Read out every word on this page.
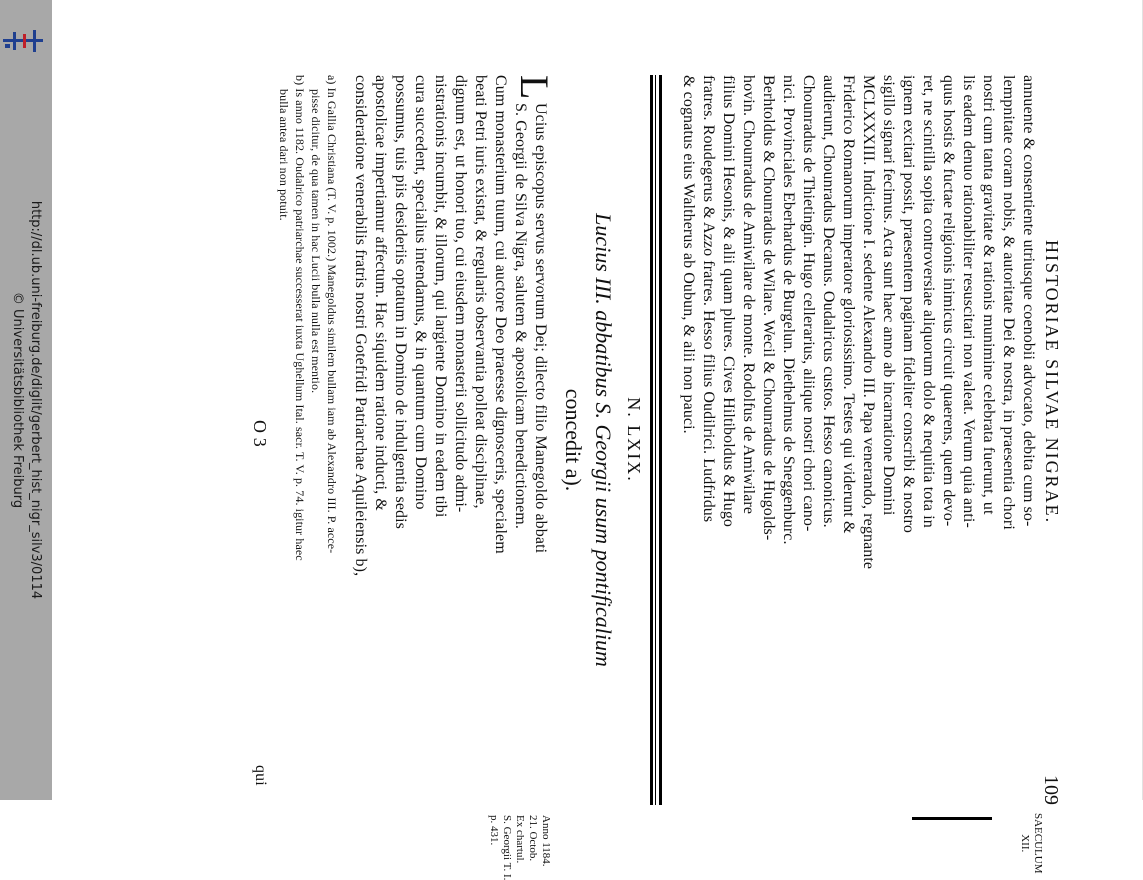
http://dl.ub.uni-freiburg.de/diglit/gerbert_hist_nigr_silv3/0114
© Universitätsbibliothek Freiburg	HISTORIAE SILVAE NIGRAE.
109
SAECULUM
XII.
annuente & consentiente utriusque coenobii advocato, debita cum so-
lempnitate coram nobis, & autoritate Dei & nostra, in praesentia chori
nostri cum tanta gravitate & rationis munimine celebrata fuerunt, ut
lis eadem denuo rationabiliter resuscitari non valeat. Verum quia anti-
quus hostis & fuctae religionis inimicus circuit quaerens, quem devo-
ret, ne scintilla sopita controversiae aliquorum dolo & nequitia tota in
ignem excitari possit, praesentem paginam fideliter conscribi & nostro
sigillo signari fecimus. Acta sunt haec anno ab incarnatione Domini
MCLXXXIII. Indictione I. sedente Alexandro III. Papa venerando, regnante
Friderico Romanorum imperatore gloriosissimo. Testes qui viderunt &
audierunt, Chounradus Decanus. Oudalricus custos. Hesso canonicus.
Chounradus de Thietingin. Hugo cellerarius, aliique nostri chori cano-
nici. Provinciales Eberhardus de Burgelun. Diethelmus de Sneggenburc.
Berhtoldus & Chounradus de Wilare. Wecil & Chounradus de Hugolds-
hovin. Chounradus de Amiwilare de monte. Rodolfus de Amiwilare
filius Domini Hesonis, & alii quam plures. Cives Hiltiboldus & Hugo
fratres. Roudegerus & Azzo fratres. Hesso filius Oudilrici. Ludfridus
& cognatus eius Waltherus ab Oubun, & alii non pauci.
N. LXIX.
Lucius III. abbatibus S. Georgii usum pontificalium
concedit a).
Anno 1184.
21. Octob.
Ex chartul.
S. Georgii T. I.
p. 431.
L
Ucius episcopus servus servorum Dei; dilecto filio Manegoldo abbati
S. Georgii de Silva Nigra, salutem & apostolicam benedictionem.
Cum monasterium tuum, cui auctore Deo praeesse dignosceris, specialem
beati Petri iuris existat, & regularis observantia polleat disciplinae,
dignum est, ut honori tuo, cui eiusdem monasterii sollicitudo admi-
nistrationis incumbit, & illorum, qui largiente Domino in eadem tibi
cura succedent, specialius intendamus, & in quantum cum Domino
possumus, tuis piis desideriis optatum in Domino de indulgentia sedis
apostolicae impertiamur affectum. Hac siquidem ratione inducti, &
consideratione venerabilis fratris nostri Gotefridi Patriarchae Aquileiensis b),
a) In Gallia Christiana (T. V. p. 1002.) Manegoldus similem bullam iam ab Alexandro III. P. acce-
pisse dicitur, de qua tamen in hac Lucii bulla nulla est mentio.
b) Is anno 1182. Oudalrico patriarchae successerat iuxta Ughellum Ital. sacr. T. V. p. 74. igitur haec
bulla antea dari non potuit.
O 3
qui
